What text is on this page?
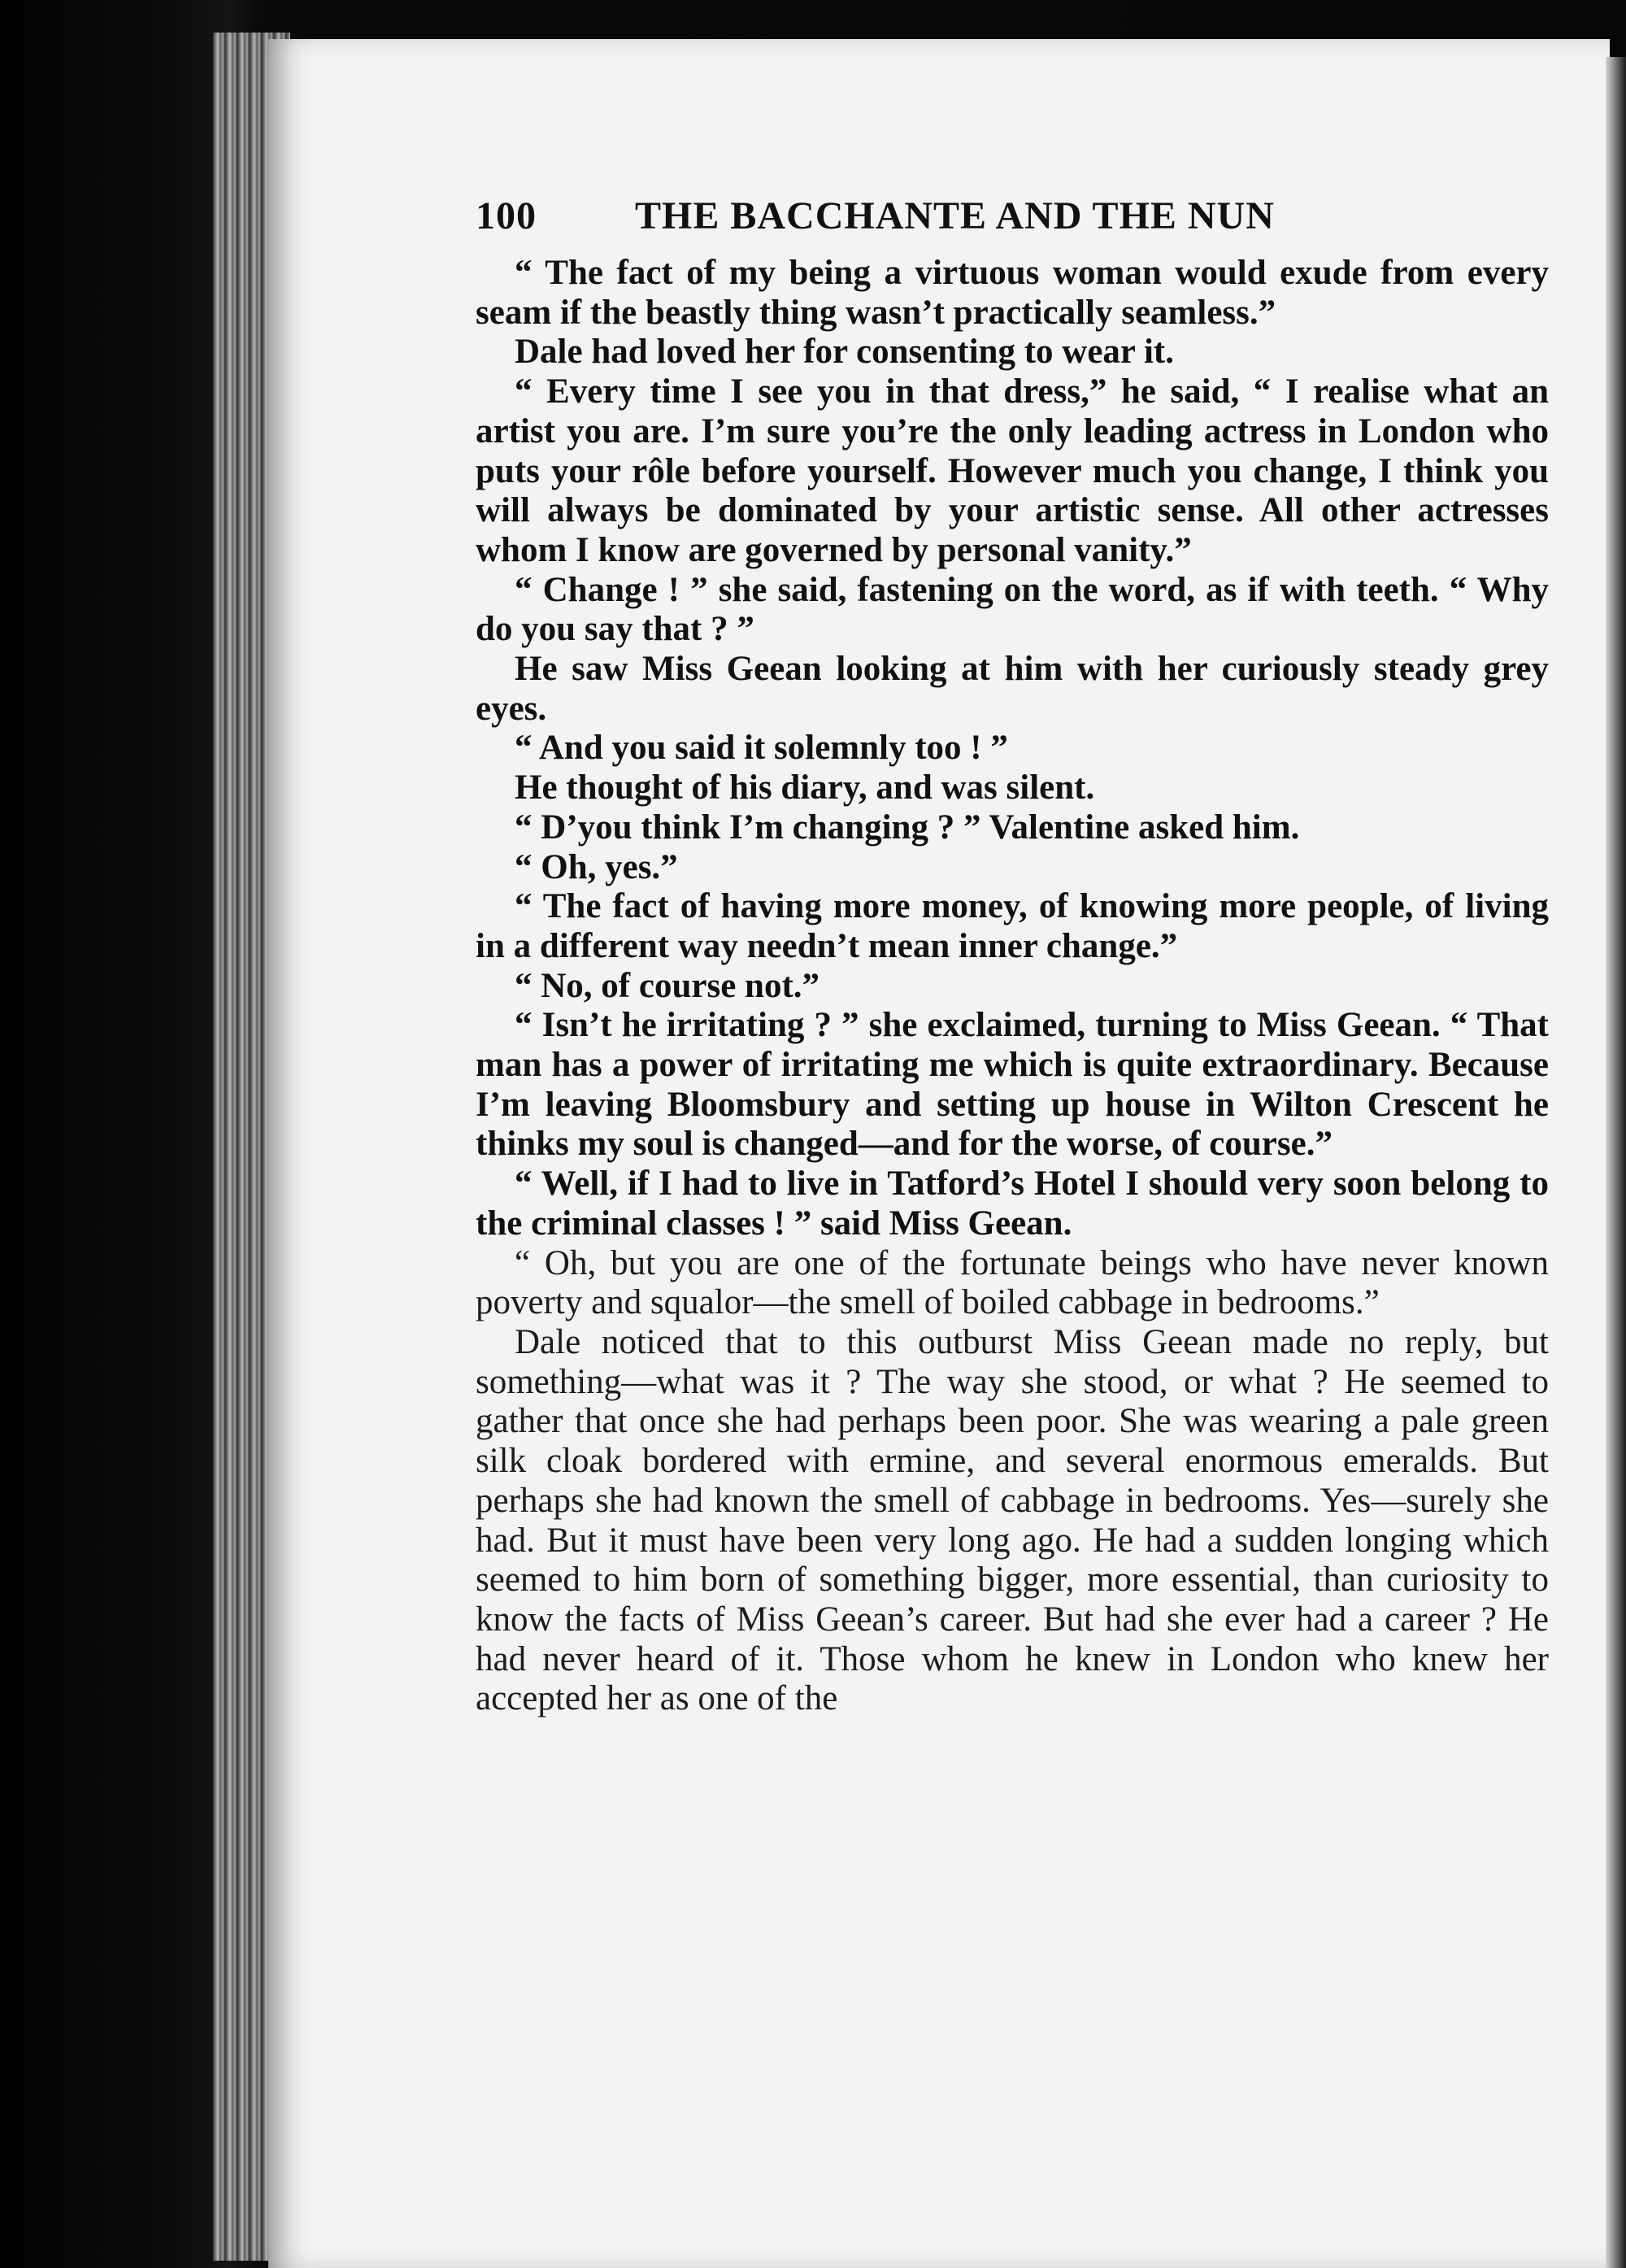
100	THE BACCHANTE AND THE NUN

“ The fact of my being a virtuous woman would exude from every seam if the beastly thing wasn’t practically seamless.”

Dale had loved her for consenting to wear it.

“ Every time I see you in that dress,” he said, “ I realise what an artist you are. I’m sure you’re the only leading actress in London who puts your rôle before yourself. However much you change, I think you will always be dominated by your artistic sense. All other actresses whom I know are governed by personal vanity.”

“ Change ! ” she said, fastening on the word, as if with teeth. “ Why do you say that ? ”

He saw Miss Geean looking at him with her curiously steady grey eyes.

“ And you said it solemnly too ! ”

He thought of his diary, and was silent.

“ D’you think I’m changing ? ” Valentine asked him.

“ Oh, yes.”

“ The fact of having more money, of knowing more people, of living in a different way needn’t mean inner change.”

“ No, of course not.”

“ Isn’t he irritating ? ” she exclaimed, turning to Miss Geean. “ That man has a power of irritating me which is quite extraordinary. Because I’m leaving Bloomsbury and setting up house in Wilton Crescent he thinks my soul is changed—and for the worse, of course.”

“ Well, if I had to live in Tatford’s Hotel I should very soon belong to the criminal classes ! ” said Miss Geean.

“ Oh, but you are one of the fortunate beings who have never known poverty and squalor—the smell of boiled cabbage in bedrooms.”

Dale noticed that to this outburst Miss Geean made no reply, but something—what was it ? The way she stood, or what ? He seemed to gather that once she had perhaps been poor. She was wearing a pale green silk cloak bordered with ermine, and several enormous emeralds. But perhaps she had known the smell of cabbage in bedrooms. Yes—surely she had. But it must have been very long ago. He had a sudden longing which seemed to him born of something bigger, more essential, than curiosity to know the facts of Miss Geean’s career. But had she ever had a career ? He had never heard of it. Those whom he knew in London who knew her accepted her as one of the
